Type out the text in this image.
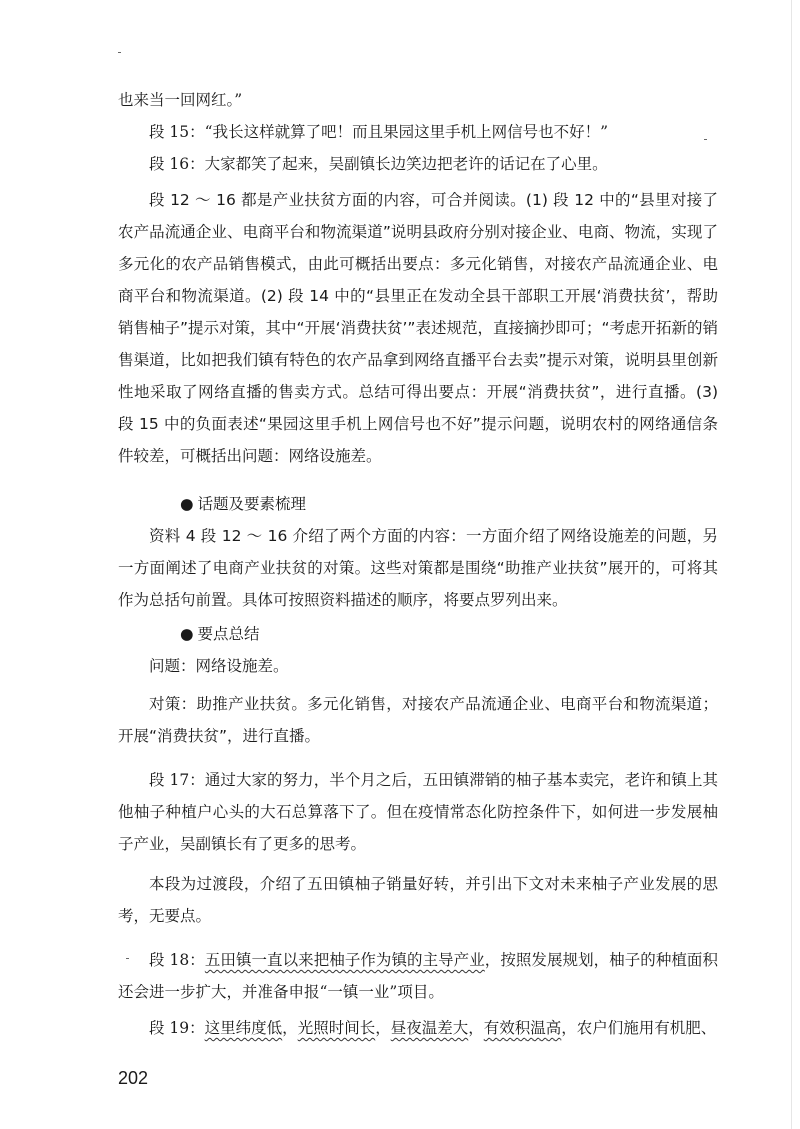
也来当一回网红。”

段 15：“我长这样就算了吧！而且果园这里手机上网信号也不好！”

段 16：大家都笑了起来，吴副镇长边笑边把老许的话记在了心里。

段 12 ～ 16 都是产业扶贫方面的内容，可合并阅读。(1) 段 12 中的“县里对接了农产品流通企业、电商平台和物流渠道”说明县政府分别对接企业、电商、物流，实现了多元化的农产品销售模式，由此可概括出要点：多元化销售，对接农产品流通企业、电商平台和物流渠道。(2) 段 14 中的“县里正在发动全县干部职工开展‘消费扶贫’，帮助销售柚子”提示对策，其中“开展‘消费扶贫’”表述规范，直接摘抄即可；“考虑开拓新的销售渠道，比如把我们镇有特色的农产品拿到网络直播平台去卖”提示对策，说明县里创新性地采取了网络直播的售卖方式。总结可得出要点：开展“消费扶贫”，进行直播。(3) 段 15 中的负面表述“果园这里手机上网信号也不好”提示问题，说明农村的网络通信条件较差，可概括出问题：网络设施差。

● 话题及要素梳理

资料 4 段 12 ～ 16 介绍了两个方面的内容：一方面介绍了网络设施差的问题，另一方面阐述了电商产业扶贫的对策。这些对策都是围绕“助推产业扶贫”展开的，可将其作为总括句前置。具体可按照资料描述的顺序，将要点罗列出来。

● 要点总结

问题：网络设施差。

对策：助推产业扶贫。多元化销售，对接农产品流通企业、电商平台和物流渠道；开展“消费扶贫”，进行直播。

段 17：通过大家的努力，半个月之后，五田镇滞销的柚子基本卖完，老许和镇上其他柚子种植户心头的大石总算落下了。但在疫情常态化防控条件下，如何进一步发展柚子产业，吴副镇长有了更多的思考。

本段为过渡段，介绍了五田镇柚子销量好转，并引出下文对未来柚子产业发展的思考，无要点。

段 18：五田镇一直以来把柚子作为镇的主导产业，按照发展规划，柚子的种植面积还会进一步扩大，并准备申报“一镇一业”项目。

段 19：这里纬度低，光照时间长，昼夜温差大，有效积温高，农户们施用有机肥、

202
